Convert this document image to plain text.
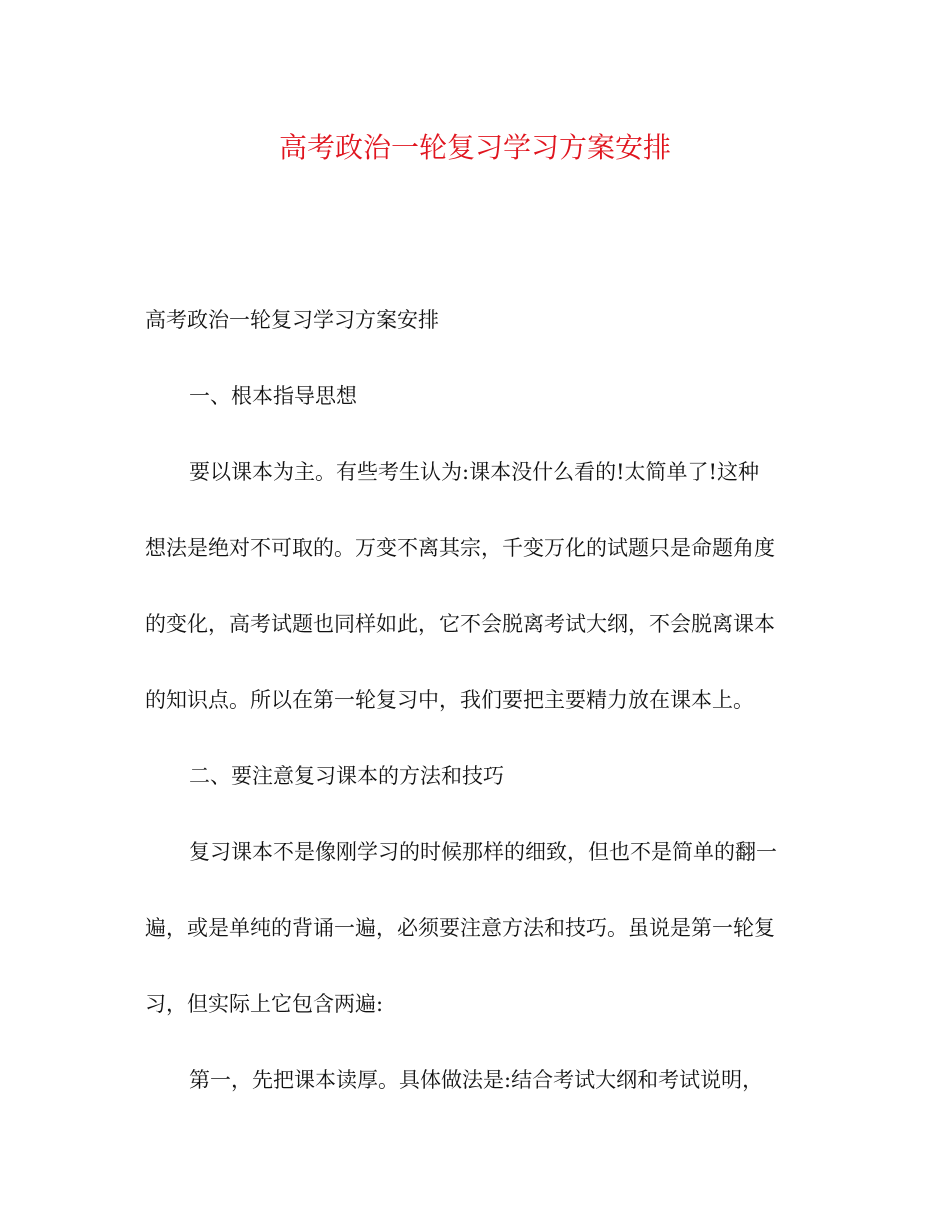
高考政治一轮复习学习方案安排
高考政治一轮复习学习方案安排
一、根本指导思想
要以课本为主。有些考生认为:课本没什么看的!太简单了!这种
想法是绝对不可取的。万变不离其宗，千变万化的试题只是命题角度
的变化，高考试题也同样如此，它不会脱离考试大纲，不会脱离课本
的知识点。所以在第一轮复习中，我们要把主要精力放在课本上。
二、要注意复习课本的方法和技巧
复习课本不是像刚学习的时候那样的细致，但也不是简单的翻一
遍，或是单纯的背诵一遍，必须要注意方法和技巧。虽说是第一轮复
习，但实际上它包含两遍:
第一，先把课本读厚。具体做法是:结合考试大纲和考试说明，
